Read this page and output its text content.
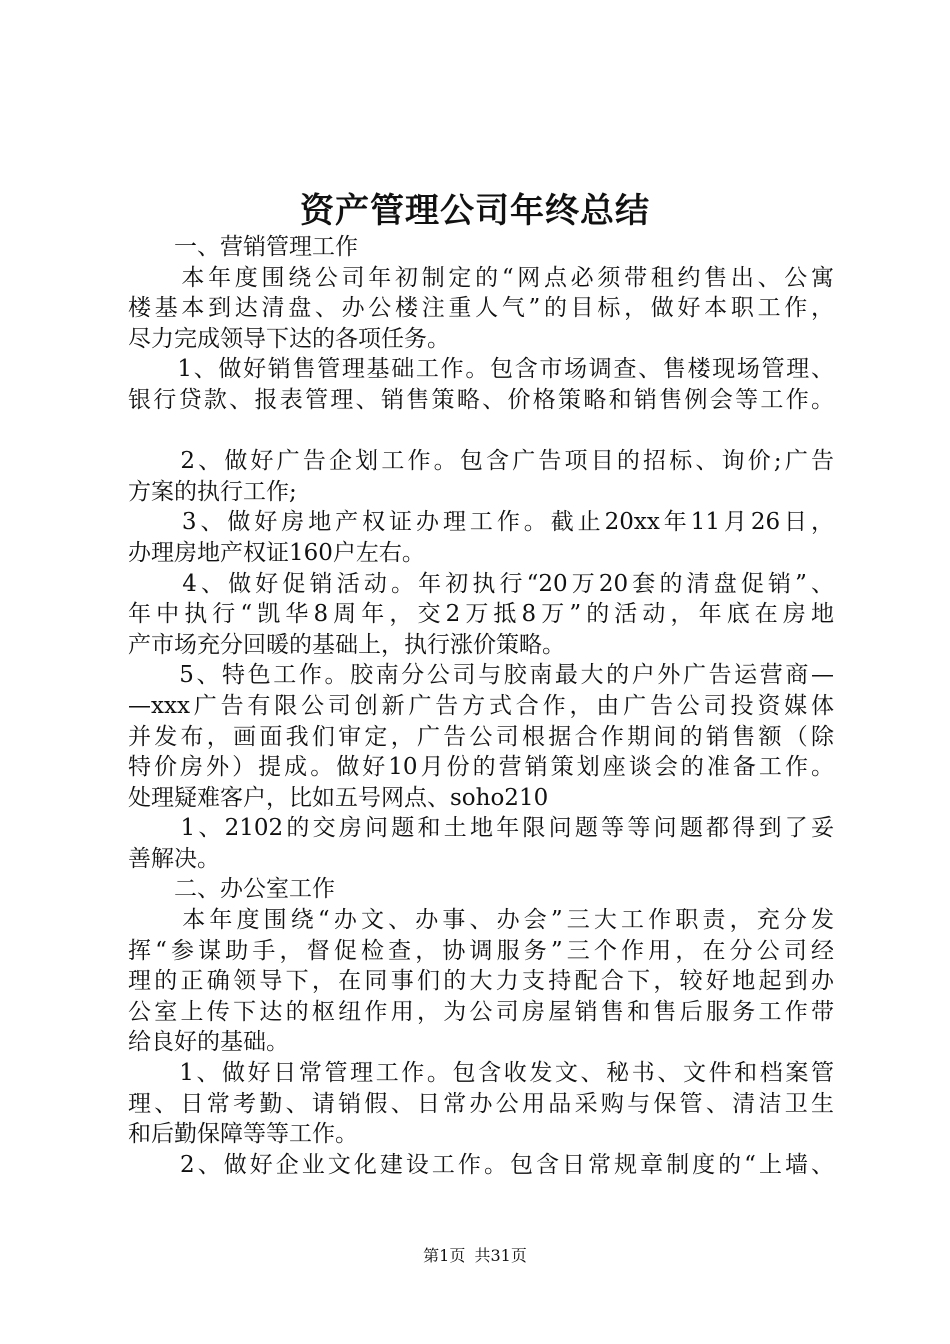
资产管理公司年终总结
　　一、营销管理工作
　　本年度围绕公司年初制定的“网点必须带租约售出、公寓
楼基本到达清盘、办公楼注重人气”的目标，做好本职工作，
尽力完成领导下达的各项任务。
　　1、做好销售管理基础工作。包含市场调查、售楼现场管理、
银行贷款、报表管理、销售策略、价格策略和销售例会等工作。
　　2、做好广告企划工作。包含广告项目的招标、询价;广告
方案的执行工作;
　　3、做好房地产权证办理工作。截止20xx年11月26日，
办理房地产权证160户左右。
　　4、做好促销活动。年初执行“20万20套的清盘促销”、
年中执行“凯华8周年，交2万抵8万”的活动，年底在房地
产市场充分回暖的基础上，执行涨价策略。
　　5、特色工作。胶南分公司与胶南最大的户外广告运营商—
—xxx广告有限公司创新广告方式合作，由广告公司投资媒体
并发布，画面我们审定，广告公司根据合作期间的销售额（除
特价房外）提成。做好10月份的营销策划座谈会的准备工作。
处理疑难客户，比如五号网点、soho210
　　1、2102的交房问题和土地年限问题等等问题都得到了妥
善解决。
　　二、办公室工作
　　本年度围绕“办文、办事、办会”三大工作职责，充分发
挥“参谋助手，督促检查，协调服务”三个作用，在分公司经
理的正确领导下，在同事们的大力支持配合下，较好地起到办
公室上传下达的枢纽作用，为公司房屋销售和售后服务工作带
给良好的基础。
　　1、做好日常管理工作。包含收发文、秘书、文件和档案管
理、日常考勤、请销假、日常办公用品采购与保管、清洁卫生
和后勤保障等等工作。
　　2、做好企业文化建设工作。包含日常规章制度的“上墙、
第1页 共31页
